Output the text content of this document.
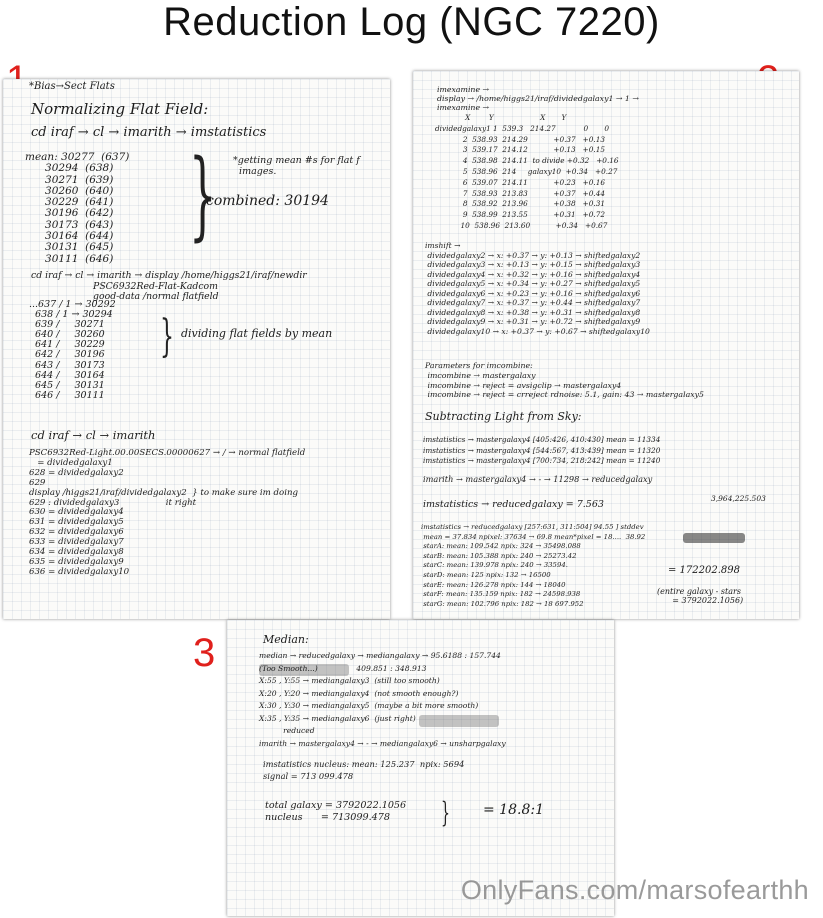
Reduction Log (NGC 7220)
3
*Bias→Sect Flats
Normalizing Flat Field:
cd iraf → cl → imarith → imstatistics
mean: 30277  (637)
30294  (638)
30271  (639)
30260  (640)
30229  (641)
30196  (642)
30173  (643)
30164  (644)
30131  (645)
30111  (646)
} *getting mean #s for flat f
images.
combined: 30194
cd iraf → cl → imarith → display /home/higgs21/iraf/newdir
PSC6932Red-Flat-Kadcom
good-data /normal flatfield
...637 / 1 → 30292
638 / 1 → 30294
639 /     30271
640 /     30260
641 /     30229
642 /     30196
643 /     30173
644 /     30164
645 /     30131
646 /     30111
} dividing flat fields by mean
cd iraf → cl → imarith
PSC6932Red-Light.00.00SECS.00000627 → / → normal flatfield
= dividedgalaxy1
628 = dividedgalaxy2
629
display /higgs21/iraf/dividedgalaxy2  } to make sure im doing
629 : dividedgalaxy3                 it right
630 = dividedgalaxy4
631 = dividedgalaxy5
632 = dividedgalaxy6
633 = dividedgalaxy7
634 = dividedgalaxy8
635 = dividedgalaxy9
636 = dividedgalaxy10
imexamine →
display → /home/higgs21/iraf/dividedgalaxy1 → 1 →
imexamine →
X        Y                    X       Y
dividedgalaxy1 1  539.3   214.27            0       0
2  538.93  214.29           +0.37   +0.13
3  539.17  214.12           +0.13   +0.15
4  538.98  214.11  to divide +0.32   +0.16
5  538.96  214     galaxy10  +0.34   +0.27
6  539.07  214.11           +0.23   +0.16
7  538.93  213.83           +0.37   +0.44
8  538.92  213.96           +0.38   +0.31
9  538.99  213.55           +0.31   +0.72
10  538.96  213.60           +0.34   +0.67
imshift →
dividedgalaxy2 → x: +0.37 → y: +0.13 → shiftedgalaxy2
dividedgalaxy3 → x: +0.13 → y: +0.15 → shiftedgalaxy3
dividedgalaxy4 → x: +0.32 → y: +0.16 → shiftedgalaxy4
dividedgalaxy5 → x: +0.34 → y: +0.27 → shiftedgalaxy5
dividedgalaxy6 → x: +0.23 → y: +0.16 → shiftedgalaxy6
dividedgalaxy7 → x: +0.37 → y: +0.44 → shiftedgalaxy7
dividedgalaxy8 → x: +0.38 → y: +0.31 → shiftedgalaxy8
dividedgalaxy9 → x: +0.31 → y: +0.72 → shiftedgalaxy9
dividedgalaxy10 → x: +0.37 → y: +0.67 → shiftedgalaxy10
Parameters for imcombine:
imcombine → mastergalaxy
imcombine → reject = avsigclip → mastergalaxy4
imcombine → reject = crreject rdnoise: 5.1, gain: 43 → mastergalaxy5
Subtracting Light from Sky:
imstatistics → mastergalaxy4 [405:426, 410:430] mean = 11334
imstatistics → mastergalaxy4 [544:567, 413:439] mean = 11320
imstatistics → mastergalaxy4 [700:734, 218:242] mean = 11240
imarith → mastergalaxy4 → - → 11298 → reducedgalaxy
imstatistics → reducedgalaxy = 7.563
3,964,225.503
imstatistics → reducedgalaxy [257:631, 311:504] 94.55 ] stddev
mean = 37.834 npixel: 37634 → 69.8 mean*pixel = 18....  38.92
starA: mean: 109.542 npix: 324 → 35498.088
starB: mean: 105.388 npix: 240 → 25273.42
starC: mean: 139.978 npix: 240 → 33594.
starD: mean: 125 npix: 132 → 16500
starE: mean: 126.278 npix: 144 → 18040
starF: mean: 135.159 npix: 182 → 24598.938
starG: mean: 102.796 npix: 182 → 18 697.952
= 172202.898
(entire galaxy - stars
= 3792022.1056)
Median:
median → reducedgalaxy → mediangalaxy → 95.6188 : 157.744
(Too Smooth...)                409.851 : 348.913
X:55 , Y:55 → mediangalaxy3  (still too smooth)
X:20 , Y:20 → mediangalaxy4  (not smooth enough?)
X:30 , Y:30 → mediangalaxy5  (maybe a bit more smooth)
X:35 , Y:35 → mediangalaxy6  (just right)
reduced
imarith → mastergalaxy4 → - → mediangalaxy6 → unsharpgalaxy
imstatistics nucleus: mean: 125.237  npix: 5694
signal = 713 099.478
total galaxy = 3792022.1056
nucleus      = 713099.478	} = 18.8:1
OnlyFans.com/marsofearthh
